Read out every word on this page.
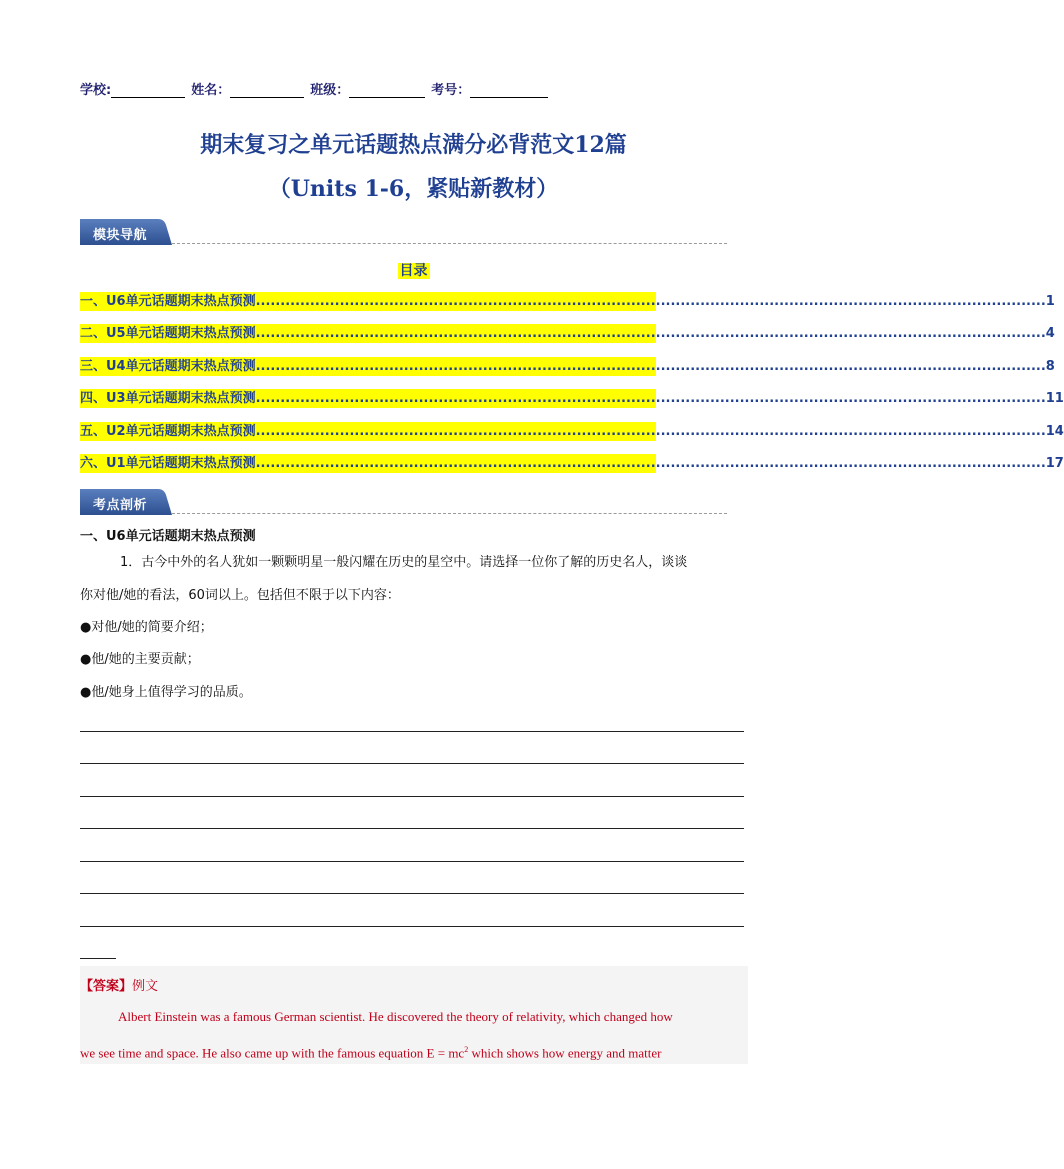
学校:	姓名：	班级：	考号：
期末复习之单元话题热点满分必背范文12篇
（Units 1-6，紧贴新教材）
模块导航
目录
一、U6单元话题期末热点预测 ................................................................................................................................................................ 1
二、U5单元话题期末热点预测 ................................................................................................................................................................ 4
三、U4单元话题期末热点预测 ................................................................................................................................................................ 8
四、U3单元话题期末热点预测 ................................................................................................................................................................ 11
五、U2单元话题期末热点预测 ................................................................................................................................................................ 14
六、U1单元话题期末热点预测 ................................................................................................................................................................ 17
考点剖析
一、U6单元话题期末热点预测
1．古今中外的名人犹如一颗颗明星一般闪耀在历史的星空中。请选择一位你了解的历史名人，谈谈
你对他/她的看法，60词以上。包括但不限于以下内容：
●对他/她的简要介绍；
●他/她的主要贡献；
●他/她身上值得学习的品质。
【答案】例文
Albert Einstein was a famous German scientist. He discovered the theory of relativity, which changed how
we see time and space. He also came up with the famous equation $E = mc^2$ which shows how energy and matter
